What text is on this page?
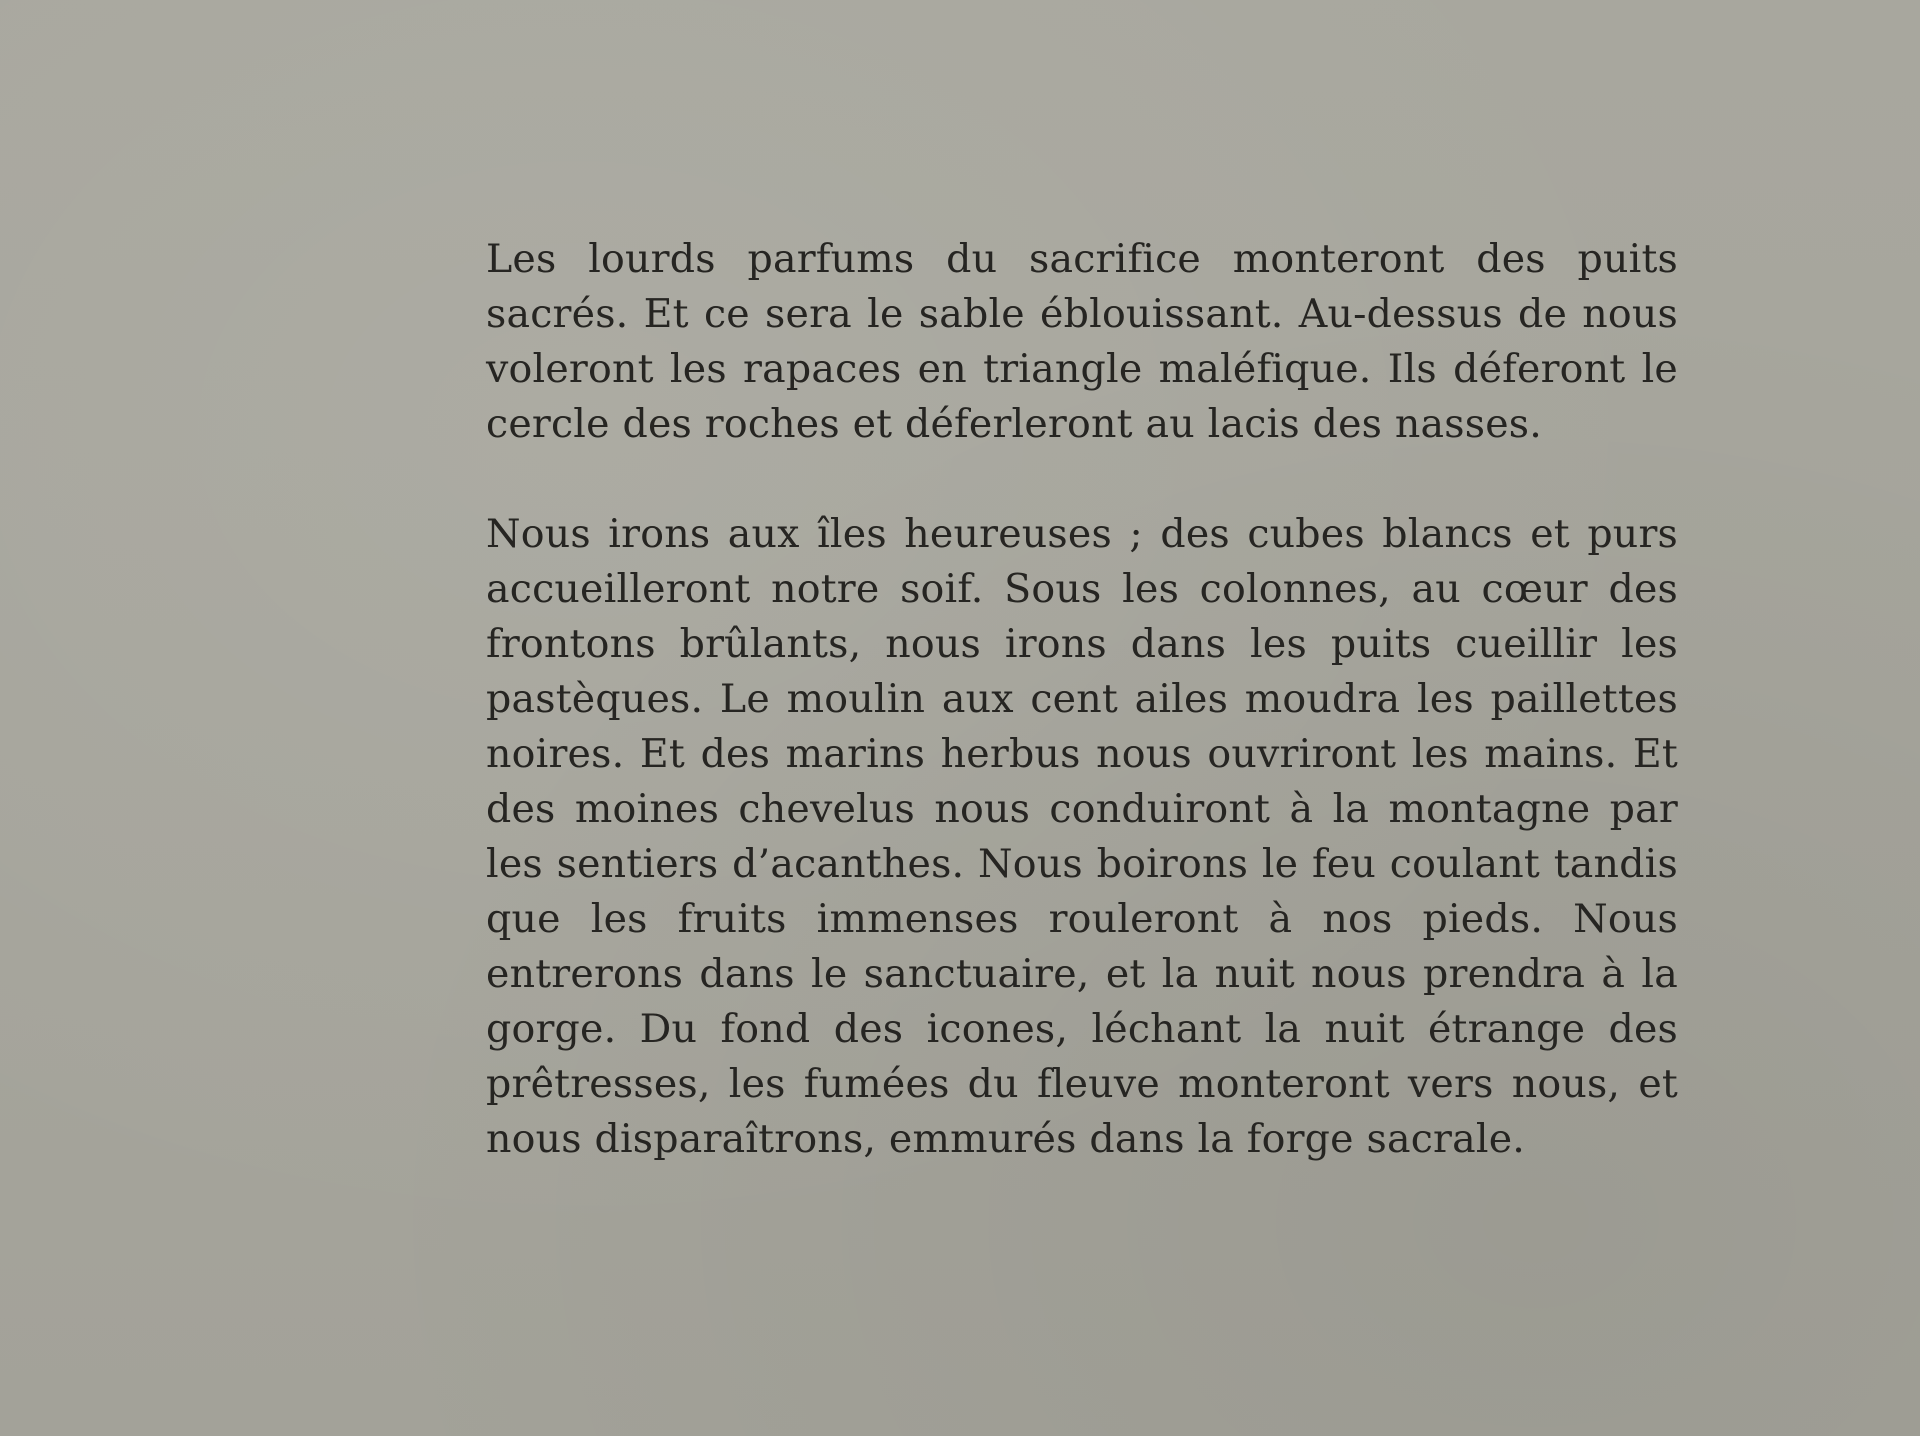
Les lourds parfums du sacrifice monteront des puits sacrés. Et ce sera le sable éblouissant. Au-dessus de nous voleront les rapaces en triangle maléfique. Ils déferont le cercle des roches et déferleront au lacis des nasses.

Nous irons aux îles heureuses ; des cubes blancs et purs accueilleront notre soif. Sous les colonnes, au cœur des frontons brûlants, nous irons dans les puits cueillir les pastèques. Le moulin aux cent ailes moudra les paillettes noires. Et des marins herbus nous ouvriront les mains. Et des moines chevelus nous conduiront à la montagne par les sentiers d’acanthes. Nous boirons le feu coulant tandis que les fruits immenses rouleront à nos pieds. Nous entrerons dans le sanctuaire, et la nuit nous prendra à la gorge. Du fond des icones, léchant la nuit étrange des prêtresses, les fumées du fleuve monteront vers nous, et nous disparaîtrons, emmurés dans la forge sacrale.
